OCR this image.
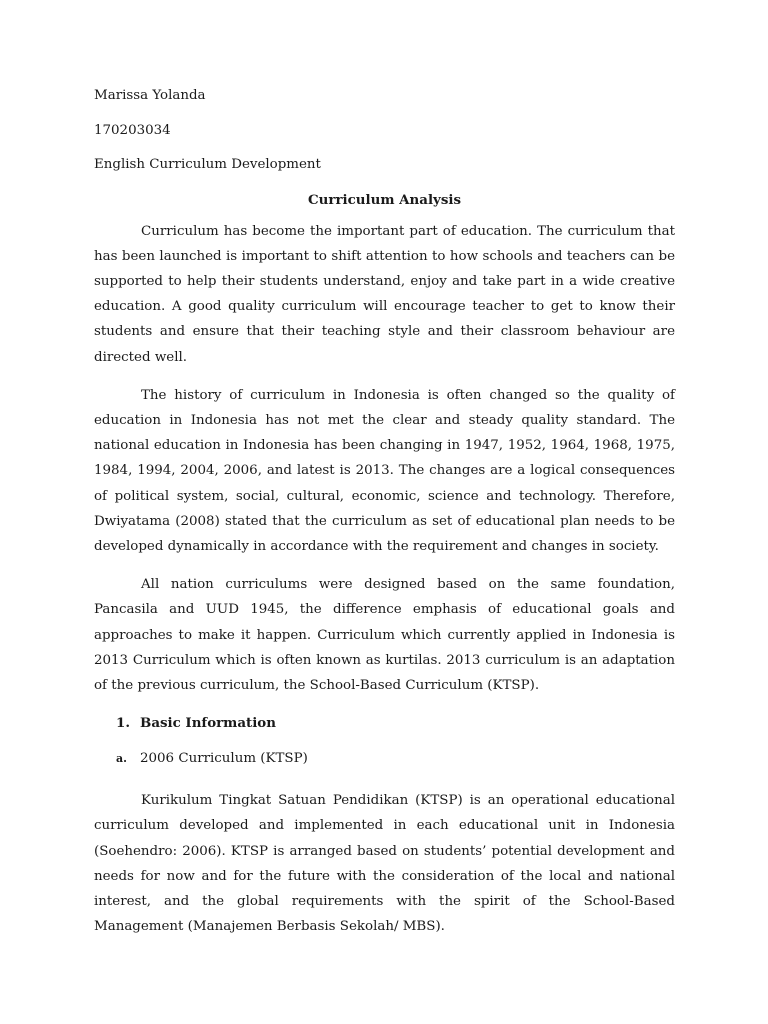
Marissa Yolanda

170203034

English Curriculum Development

Curriculum Analysis

Curriculum has become the important part of education. The curriculum that has been launched is important to shift attention to how schools and teachers can be supported to help their students understand, enjoy and take part in a wide creative education. A good quality curriculum will encourage teacher to get to know their students and ensure that their teaching style and their classroom behaviour are directed well.

The history of curriculum in Indonesia is often changed so the quality of education in Indonesia has not met the clear and steady quality standard. The national education in Indonesia has been changing in 1947, 1952, 1964, 1968, 1975, 1984, 1994, 2004, 2006, and latest is 2013. The changes are a logical consequences of political system, social, cultural, economic, science and technology. Therefore, Dwiyatama (2008) stated that the curriculum as set of educational plan needs to be developed dynamically in accordance with the requirement and changes in society.

All nation curriculums were designed based on the same foundation, Pancasila and UUD 1945, the difference emphasis of educational goals and approaches to make it happen. Curriculum which currently applied in Indonesia is 2013 Curriculum which is often known as kurtilas. 2013 curriculum is an adaptation of the previous curriculum, the School-Based Curriculum (KTSP).

1. Basic Information

a. 2006 Curriculum (KTSP)

Kurikulum Tingkat Satuan Pendidikan (KTSP) is an operational educational curriculum developed and implemented in each educational unit in Indonesia (Soehendro: 2006). KTSP is arranged based on students’ potential development and needs for now and for the future with the consideration of the local and national interest, and the global requirements with the spirit of the School-Based Management (Manajemen Berbasis Sekolah/ MBS).
